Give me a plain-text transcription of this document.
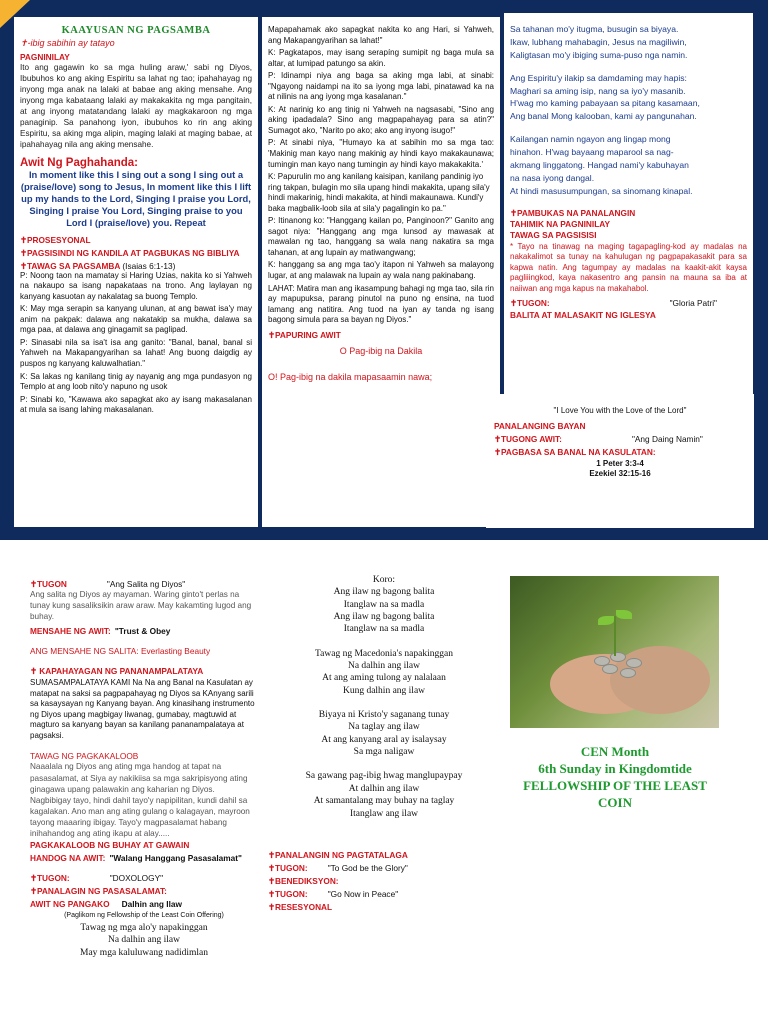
KAAYUSAN NG PAGSAMBA
✝-ibig sabihin ay tatayo
PAGNINILAY
Ito ang gagawin ko sa mga huling araw,' sabi ng Diyos, Ibubuhos ko ang aking Espiritu sa lahat ng tao; ipahahayag ng inyong mga anak na lalaki at babae ang aking mensahe. Ang inyong mga kabataang lalaki ay makakakita ng mga pangitain, at ang inyong matatandang lalaki ay magkakaroon ng mga panaginip. Sa panahong iyon, ibubuhos ko rin ang aking Espiritu, sa aking mga alipin, maging lalaki at maging babae, at ipahahayag nila ang aking mensahe.
Awit Ng Paghahanda:
In moment like this I sing out a song I sing out a (praise/love) song to Jesus, In moment like this I lift up my hands to the Lord, Singing I praise you Lord, Singing I praise You Lord, Singing praise to you Lord I (praise/love) you. Repeat
✝PROSESYONAL
✝PAGSISINDI NG KANDILA AT PAGBUKAS NG BIBLIYA
✝TAWAG SA PAGSAMBA (Isaias 6:1-13)
P: Noong taon na mamatay si Haring Uzias, nakita ko si Yahweh na nakaupo sa isang napakataas na trono. Ang laylayan ng kanyang kasuotan ay nakalatag sa buong Templo.
K: May mga serapin sa kanyang ulunan, at ang bawat isa'y may anim na pakpak: dalawa ang nakatakip sa mukha, dalawa sa mga paa, at dalawa ang ginagamit sa paglipad.
P: Sinasabi nila sa isa't isa ang ganito: "Banal, banal, banal si Yahweh na Makapangyarihan sa lahat! Ang buong daigdig ay puspos ng kanyang kaluwalhatian."
K: Sa lakas ng kanilang tinig ay nayanig ang mga pundasyon ng Templo at ang loob nito'y napuno ng usok
P: Sinabi ko, "Kawawa ako sapagkat ako ay isang makasalanan at mula sa isang lahing makasalanan.
Mapapahamak ako sapagkat nakita ko ang Hari, si Yahweh, ang Makapangyarihan sa lahat!"
K: Pagkatapos, may isang serapíng sumipit ng baga mula sa altar, at lumipad patungo sa akin.
P: Idinampi niya ang baga sa aking mga labi, at sinabi: "Ngayong naidampi na ito sa iyong mga labi, pinatawad ka na at nilinis na ang iyong mga kasalanan."
K: At narinig ko ang tinig ni Yahweh na nagsasabi, "Sino ang aking ipadadala? Sino ang magpapahayag para sa atin?" Sumagot ako, "Narito po ako; ako ang inyong isugo!"
P: At sinabi niya, "Humayo ka at sabihin mo sa mga tao: 'Makinig man kayo nang makinig ay hindi kayo makakaunawa; tumingin man kayo nang tumingin ay hindi kayo makakakita.'
K: Papurulin mo ang kanilang kaisipan, kanilang pandinig iyo ring takpan, bulagin mo sila upang hindi makakita, upang sila'y hindi makarinig, hindi makakita, at hindi makaunawa. Kundi'y baka magbalik-loob sila at sila'y pagalingin ko pa."
P: Itinanong ko: "Hanggang kailan po, Panginoon?" Ganito ang sagot niya: "Hanggang ang mga lunsod ay mawasak at mawalan ng tao, hanggang sa wala nang nakatira sa mga tahanan, at ang lupain ay matiwangwang;
K: hanggang sa ang mga tao'y itapon ni Yahweh sa malayong lugar, at ang malawak na lupain ay wala nang pakinabang.
LAHAT: Matira man ang ikasampung bahagi ng mga tao, sila rin ay mapupuksa, parang pinutol na puno ng ensina, na tuod lamang ang natitira. Ang tuod na iyan ay tanda ng isang bagong simula para sa bayan ng Diyos."
✝PAPURING AWIT
O Pag-ibig na Dakila
O! Pag-ibig na dakila mapasaamin nawa;
Sa tahanan mo'y itugma, busugin sa biyaya.
Ikaw, lubhang mahabagin, Jesus na magiliwin,
Kaligtasan mo'y ibiging suma-puso nga namin.
Ang Espiritu'y ilakip sa damdaming may hapis:
Maghari sa aming isip, nang sa iyo'y masanib.
H'wag mo kaming pabayaan sa pitang kasamaan,
Ang banal Mong kalooban, kami ay pangunahan.
Kailangan namin ngayon ang lingap mong
hinahon. H'wag bayaang maparool sa nag-
akmang linggatong. Hangad nami'y kabuhayan
na nasa iyong dangal.
At hindi masusumpungan, sa sinomang kinapal.
✝PAMBUKAS NA PANALANGIN
TAHIMIK NA PAGNINILAY
TAWAG SA PAGSISISI
* Tayo na tinawag na maging tagapagling-kod ay madalas na nakakalimot sa tunay na kahulugan ng pagpapakasakit para sa kapwa natin. Ang tagumpay ay madalas na kaakit-akit kaysa pagliiingkod, kaya nakasentro ang pansin na mauna sa iba at naiiwan ang mga kapus na makahabol.
✝TUGON:	"Gloria Patri"
BALITA AT MALASAKIT NG IGLESYA
"I Love You with the Love of the Lord"
PANALANGING BAYAN
✝TUGONG AWIT:	"Ang Daing Namin"
✝PAGBASA SA BANAL NA KASULATAN:
1 Peter 3:3-4
Ezekiel 32:15-16
✝TUGON	"Ang Salita ng Diyos"
Ang salita ng Diyos ay mayaman. Waring ginto't perlas na tunay kung sasaliksikin araw araw. May kakamting lugod ang buhay.
MENSAHE NG AWIT: "Trust & Obey
ANG MENSAHE NG SALITA: Everlasting Beauty
✝ KAPAHAYAGAN NG PANANAMPALATAYA
SUMASAMPALATAYA KAMI Na Na ang Banal na Kasulatan ay matapat na saksi sa pagpapahayag ng Diyos sa KAnyang sarili sa kasaysayan ng Kanyang bayan. Ang kinasihang instrumento ng Diyos upang magbigay liwanag, gumabay, magtuwid at magturo sa kanyang bayan sa kanilang pananampalataya at pagsaksi.
TAWAG NG PAGKAKALOOB
Naaalala ng Diyos ang ating mga handog at tapat na pasasalamat, at Siya ay nakikiisa sa mga sakripisyong ating ginagawa upang palawakin ang kaharian ng Diyos. Nagbibigay tayo, hindi dahil tayo'y napipilitan, kundi dahil sa kagalakan. Ano man ang ating gulang o kalagayan, mayroon tayong maaaring ibigay. Tayo'y magpasalamat habang inihahandog ang ating ikapu at alay.....
PAGKAKALOOB NG BUHAY AT GAWAIN
HANDOG NA AWIT: "Walang Hanggang Pasasalamat"
✝TUGON:	"DOXOLOGY"
✝PANALAGIN NG PASASALAMAT:
AWIT NG PANGAKO Dalhin ang Ilaw
(Paglikom ng Fellowship of the Least Coin Offering)
Tawag ng mga alo'y napakinggan
Na dalhin ang ilaw
May mga kaluluwang nadidimlan
Koro:
Ang ilaw ng bagong balita
Itanglaw na sa madla
Ang ilaw ng bagong balita
Itanglaw na sa madla
Tawag ng Macedonia's napakinggan
Na dalhin ang ilaw
At ang aming tulong ay nalalaan
Kung dalhin ang ilaw
Biyaya ni Kristo'y saganang tunay
Na taglay ang ilaw
At ang kanyang aral ay isalaysay
Sa mga naligaw
Sa gawang pag-ibig hwag manglupaypay
At dalhin ang ilaw
At samantalang may buhay na taglay
Itanglaw ang ilaw
✝PANALANGIN NG PAGTATALAGA
✝TUGON: "To God be the Glory"
✝BENEDIKSYON:
✝TUGON: "Go Now in Peace"
✝RESESYONAL
CEN Month
6th Sunday in Kingdomtide
FELLOWSHIP OF THE LEAST
COIN
